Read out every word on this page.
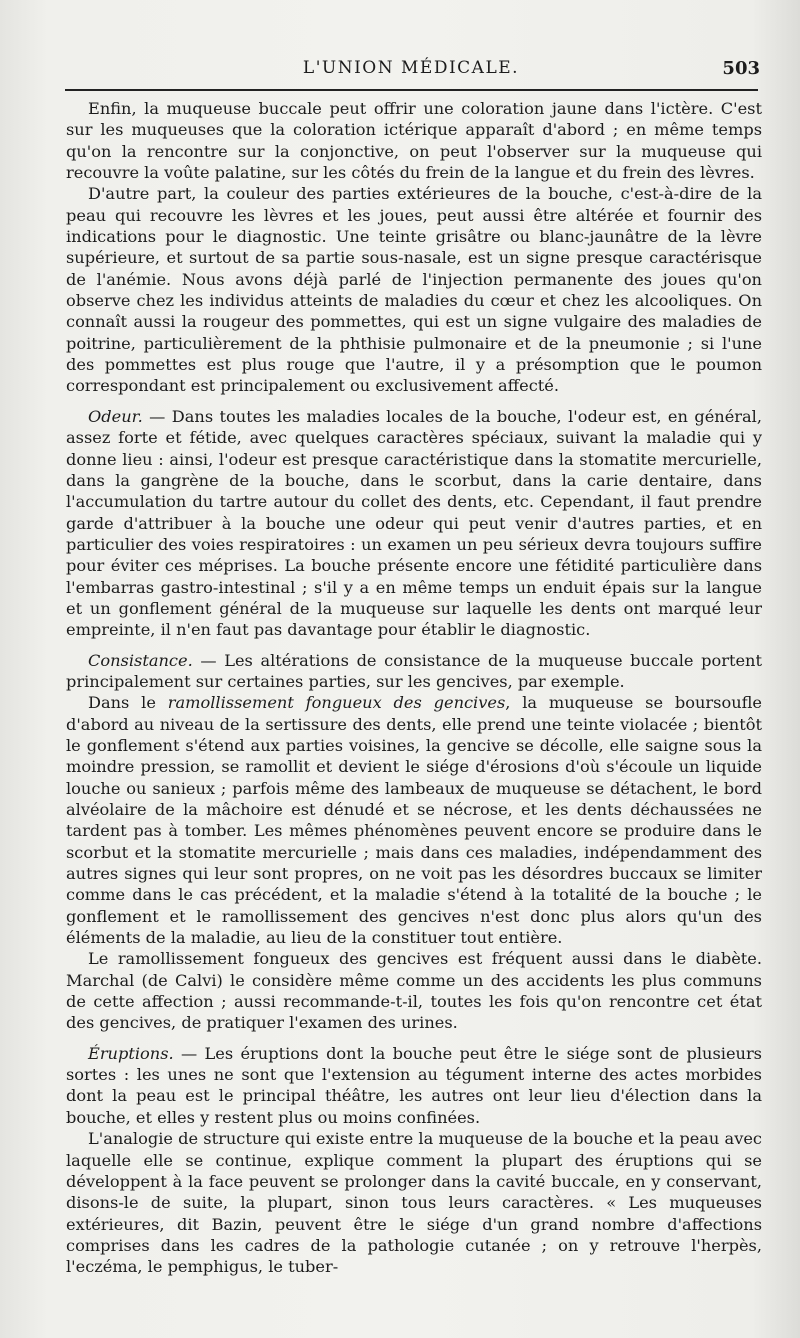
L'UNION MÉDICALE.	503

Enfin, la muqueuse buccale peut offrir une coloration jaune dans l'ictère. C'est sur les muqueuses que la coloration ictérique apparaît d'abord ; en même temps qu'on la rencontre sur la conjonctive, on peut l'observer sur la muqueuse qui recouvre la voûte palatine, sur les côtés du frein de la langue et du frein des lèvres.

D'autre part, la couleur des parties extérieures de la bouche, c'est-à-dire de la peau qui recouvre les lèvres et les joues, peut aussi être altérée et fournir des indications pour le diagnostic. Une teinte grisâtre ou blanc-jaunâtre de la lèvre supérieure, et surtout de sa partie sous-nasale, est un signe presque caractérisque de l'anémie. Nous avons déjà parlé de l'injection permanente des joues qu'on observe chez les individus atteints de maladies du cœur et chez les alcooliques. On connaît aussi la rougeur des pommettes, qui est un signe vulgaire des maladies de poitrine, particulièrement de la phthisie pulmonaire et de la pneumonie ; si l'une des pommettes est plus rouge que l'autre, il y a présomption que le poumon correspondant est principalement ou exclusivement affecté.

Odeur. — Dans toutes les maladies locales de la bouche, l'odeur est, en général, assez forte et fétide, avec quelques caractères spéciaux, suivant la maladie qui y donne lieu : ainsi, l'odeur est presque caractéristique dans la stomatite mercurielle, dans la gangrène de la bouche, dans le scorbut, dans la carie dentaire, dans l'accumulation du tartre autour du collet des dents, etc. Cependant, il faut prendre garde d'attribuer à la bouche une odeur qui peut venir d'autres parties, et en particulier des voies respiratoires : un examen un peu sérieux devra toujours suffire pour éviter ces méprises. La bouche présente encore une fétidité particulière dans l'embarras gastro-intestinal ; s'il y a en même temps un enduit épais sur la langue et un gonflement général de la muqueuse sur laquelle les dents ont marqué leur empreinte, il n'en faut pas davantage pour établir le diagnostic.

Consistance. — Les altérations de consistance de la muqueuse buccale portent principalement sur certaines parties, sur les gencives, par exemple.

Dans le ramollissement fongueux des gencives, la muqueuse se boursoufle d'abord au niveau de la sertissure des dents, elle prend une teinte violacée ; bientôt le gonflement s'étend aux parties voisines, la gencive se décolle, elle saigne sous la moindre pression, se ramollit et devient le siége d'érosions d'où s'écoule un liquide louche ou sanieux ; parfois même des lambeaux de muqueuse se détachent, le bord alvéolaire de la mâchoire est dénudé et se nécrose, et les dents déchaussées ne tardent pas à tomber. Les mêmes phénomènes peuvent encore se produire dans le scorbut et la stomatite mercurielle ; mais dans ces maladies, indépendamment des autres signes qui leur sont propres, on ne voit pas les désordres buccaux se limiter comme dans le cas précédent, et la maladie s'étend à la totalité de la bouche ; le gonflement et le ramollissement des gencives n'est donc plus alors qu'un des éléments de la maladie, au lieu de la constituer tout entière.

Le ramollissement fongueux des gencives est fréquent aussi dans le diabète. Marchal (de Calvi) le considère même comme un des accidents les plus communs de cette affection ; aussi recommande-t-il, toutes les fois qu'on rencontre cet état des gencives, de pratiquer l'examen des urines.

Éruptions. — Les éruptions dont la bouche peut être le siége sont de plusieurs sortes : les unes ne sont que l'extension au tégument interne des actes morbides dont la peau est le principal théâtre, les autres ont leur lieu d'élection dans la bouche, et elles y restent plus ou moins confinées.

L'analogie de structure qui existe entre la muqueuse de la bouche et la peau avec laquelle elle se continue, explique comment la plupart des éruptions qui se développent à la face peuvent se prolonger dans la cavité buccale, en y conservant, disons-le de suite, la plupart, sinon tous leurs caractères. « Les muqueuses extérieures, dit Bazin, peuvent être le siége d'un grand nombre d'affections comprises dans les cadres de la pathologie cutanée ; on y retrouve l'herpès, l'eczéma, le pemphigus, le tuber-
